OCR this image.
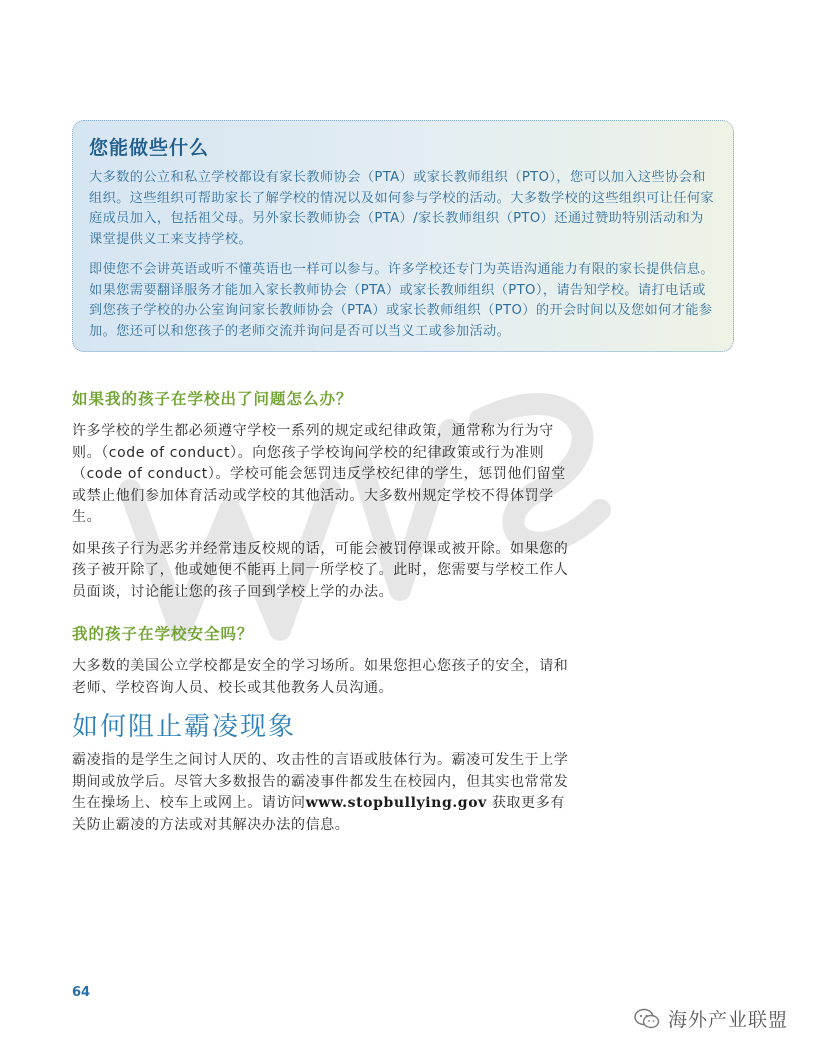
您能做些什么

大多数的公立和私立学校都设有家长教师协会（PTA）或家长教师组织（PTO），您可以加入这些协会和组织。这些组织可帮助家长了解学校的情况以及如何参与学校的活动。大多数学校的这些组织可让任何家庭成员加入，包括祖父母。另外家长教师协会（PTA）/家长教师组织（PTO）还通过赞助特别活动和为课堂提供义工来支持学校。

即使您不会讲英语或听不懂英语也一样可以参与。许多学校还专门为英语沟通能力有限的家长提供信息。如果您需要翻译服务才能加入家长教师协会（PTA）或家长教师组织（PTO），请告知学校。请打电话或到您孩子学校的办公室询问家长教师协会（PTA）或家长教师组织（PTO）的开会时间以及您如何才能参加。您还可以和您孩子的老师交流并询问是否可以当义工或参加活动。

如果我的孩子在学校出了问题怎么办？

许多学校的学生都必须遵守学校一系列的规定或纪律政策，通常称为行为守则。（code of conduct）。向您孩子学校询问学校的纪律政策或行为准则（code of conduct）。学校可能会惩罚违反学校纪律的学生，惩罚他们留堂或禁止他们参加体育活动或学校的其他活动。大多数州规定学校不得体罚学生。

如果孩子行为恶劣并经常违反校规的话，可能会被罚停课或被开除。如果您的孩子被开除了，他或她便不能再上同一所学校了。此时，您需要与学校工作人员面谈，讨论能让您的孩子回到学校上学的办法。

我的孩子在学校安全吗？

大多数的美国公立学校都是安全的学习场所。如果您担心您孩子的安全，请和老师、学校咨询人员、校长或其他教务人员沟通。

如何阻止霸凌现象

霸凌指的是学生之间讨人厌的、攻击性的言语或肢体行为。霸凌可发生于上学期间或放学后。尽管大多数报告的霸凌事件都发生在校园内，但其实也常常发生在操场上、校车上或网上。请访问www.stopbullying.gov 获取更多有关防止霸凌的方法或对其解决办法的信息。

64
海外产业联盟
